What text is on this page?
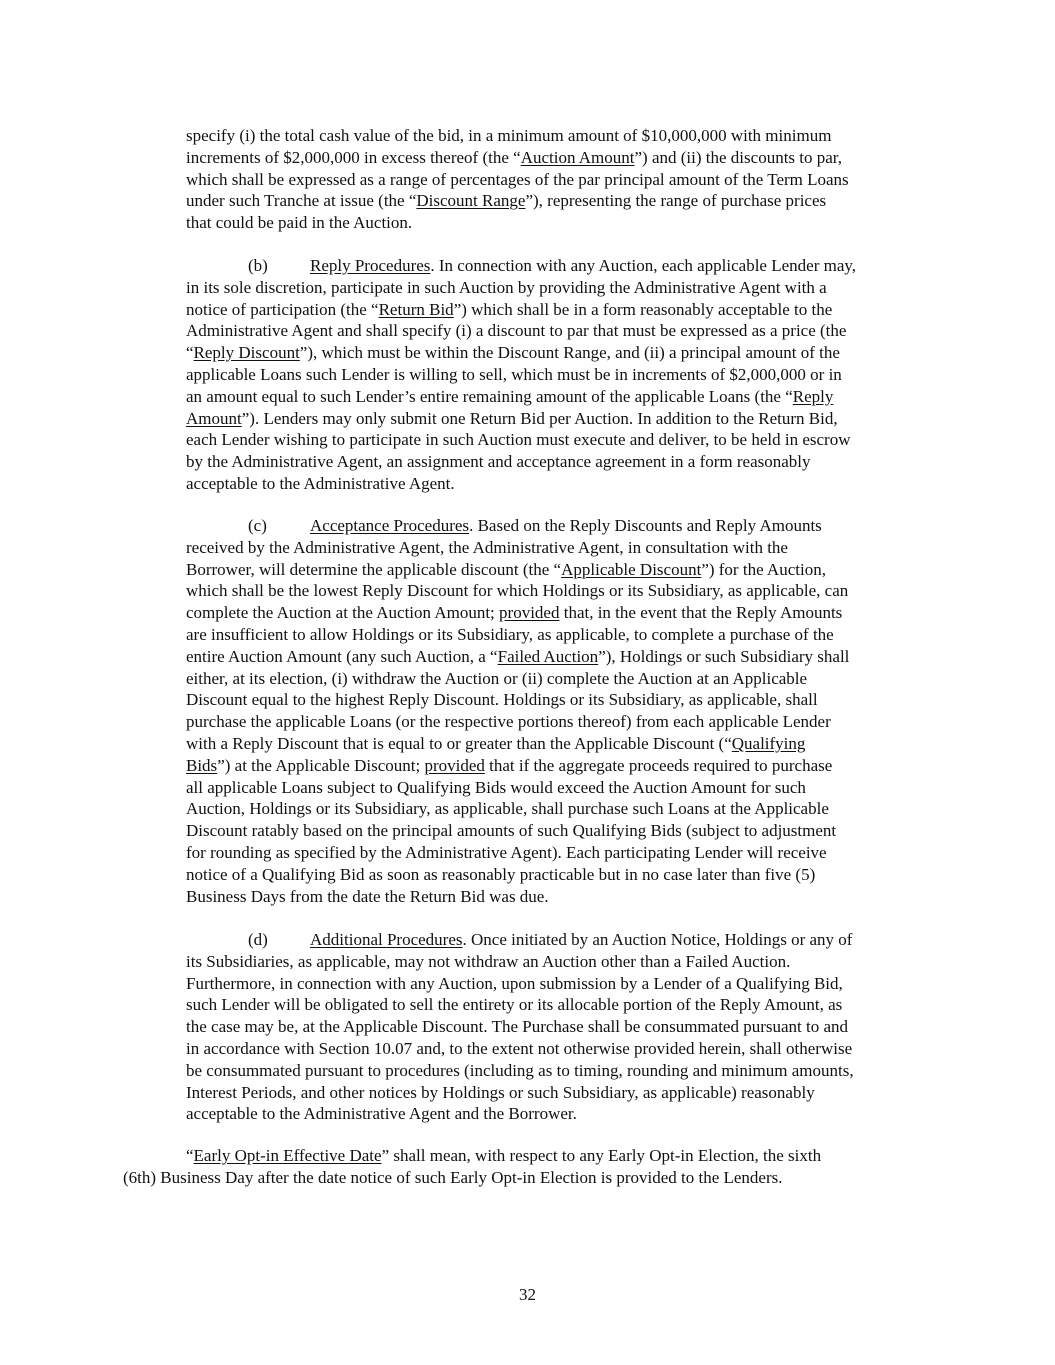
specify (i) the total cash value of the bid, in a minimum amount of $10,000,000 with minimum
increments of $2,000,000 in excess thereof (the “Auction Amount”) and (ii) the discounts to par,
which shall be expressed as a range of percentages of the par principal amount of the Term Loans
under such Tranche at issue (the “Discount Range”), representing the range of purchase prices
that could be paid in the Auction.
(b) Reply Procedures. In connection with any Auction, each applicable Lender may,
in its sole discretion, participate in such Auction by providing the Administrative Agent with a
notice of participation (the “Return Bid”) which shall be in a form reasonably acceptable to the
Administrative Agent and shall specify (i) a discount to par that must be expressed as a price (the
“Reply Discount”), which must be within the Discount Range, and (ii) a principal amount of the
applicable Loans such Lender is willing to sell, which must be in increments of $2,000,000 or in
an amount equal to such Lender’s entire remaining amount of the applicable Loans (the “Reply
Amount”). Lenders may only submit one Return Bid per Auction. In addition to the Return Bid,
each Lender wishing to participate in such Auction must execute and deliver, to be held in escrow
by the Administrative Agent, an assignment and acceptance agreement in a form reasonably
acceptable to the Administrative Agent.
(c)	Acceptance Procedures. Based on the Reply Discounts and Reply Amounts
received by the Administrative Agent, the Administrative Agent, in consultation with the
Borrower, will determine the applicable discount (the “Applicable Discount”) for the Auction,
which shall be the lowest Reply Discount for which Holdings or its Subsidiary, as applicable, can
complete the Auction at the Auction Amount; provided that, in the event that the Reply Amounts
are insufficient to allow Holdings or its Subsidiary, as applicable, to complete a purchase of the
entire Auction Amount (any such Auction, a “Failed Auction”), Holdings or such Subsidiary shall
either, at its election, (i) withdraw the Auction or (ii) complete the Auction at an Applicable
Discount equal to the highest Reply Discount. Holdings or its Subsidiary, as applicable, shall
purchase the applicable Loans (or the respective portions thereof) from each applicable Lender
with a Reply Discount that is equal to or greater than the Applicable Discount (“Qualifying
Bids”) at the Applicable Discount; provided that if the aggregate proceeds required to purchase
all applicable Loans subject to Qualifying Bids would exceed the Auction Amount for such
Auction, Holdings or its Subsidiary, as applicable, shall purchase such Loans at the Applicable
Discount ratably based on the principal amounts of such Qualifying Bids (subject to adjustment
for rounding as specified by the Administrative Agent). Each participating Lender will receive
notice of a Qualifying Bid as soon as reasonably practicable but in no case later than five (5)
Business Days from the date the Return Bid was due.
(d) Additional Procedures. Once initiated by an Auction Notice, Holdings or any of
its Subsidiaries, as applicable, may not withdraw an Auction other than a Failed Auction.
Furthermore, in connection with any Auction, upon submission by a Lender of a Qualifying Bid,
such Lender will be obligated to sell the entirety or its allocable portion of the Reply Amount, as
the case may be, at the Applicable Discount. The Purchase shall be consummated pursuant to and
in accordance with Section 10.07 and, to the extent not otherwise provided herein, shall otherwise
be consummated pursuant to procedures (including as to timing, rounding and minimum amounts,
Interest Periods, and other notices by Holdings or such Subsidiary, as applicable) reasonably
acceptable to the Administrative Agent and the Borrower.
“Early Opt-in Effective Date” shall mean, with respect to any Early Opt-in Election, the sixth
(6th) Business Day after the date notice of such Early Opt-in Election is provided to the Lenders.
32
